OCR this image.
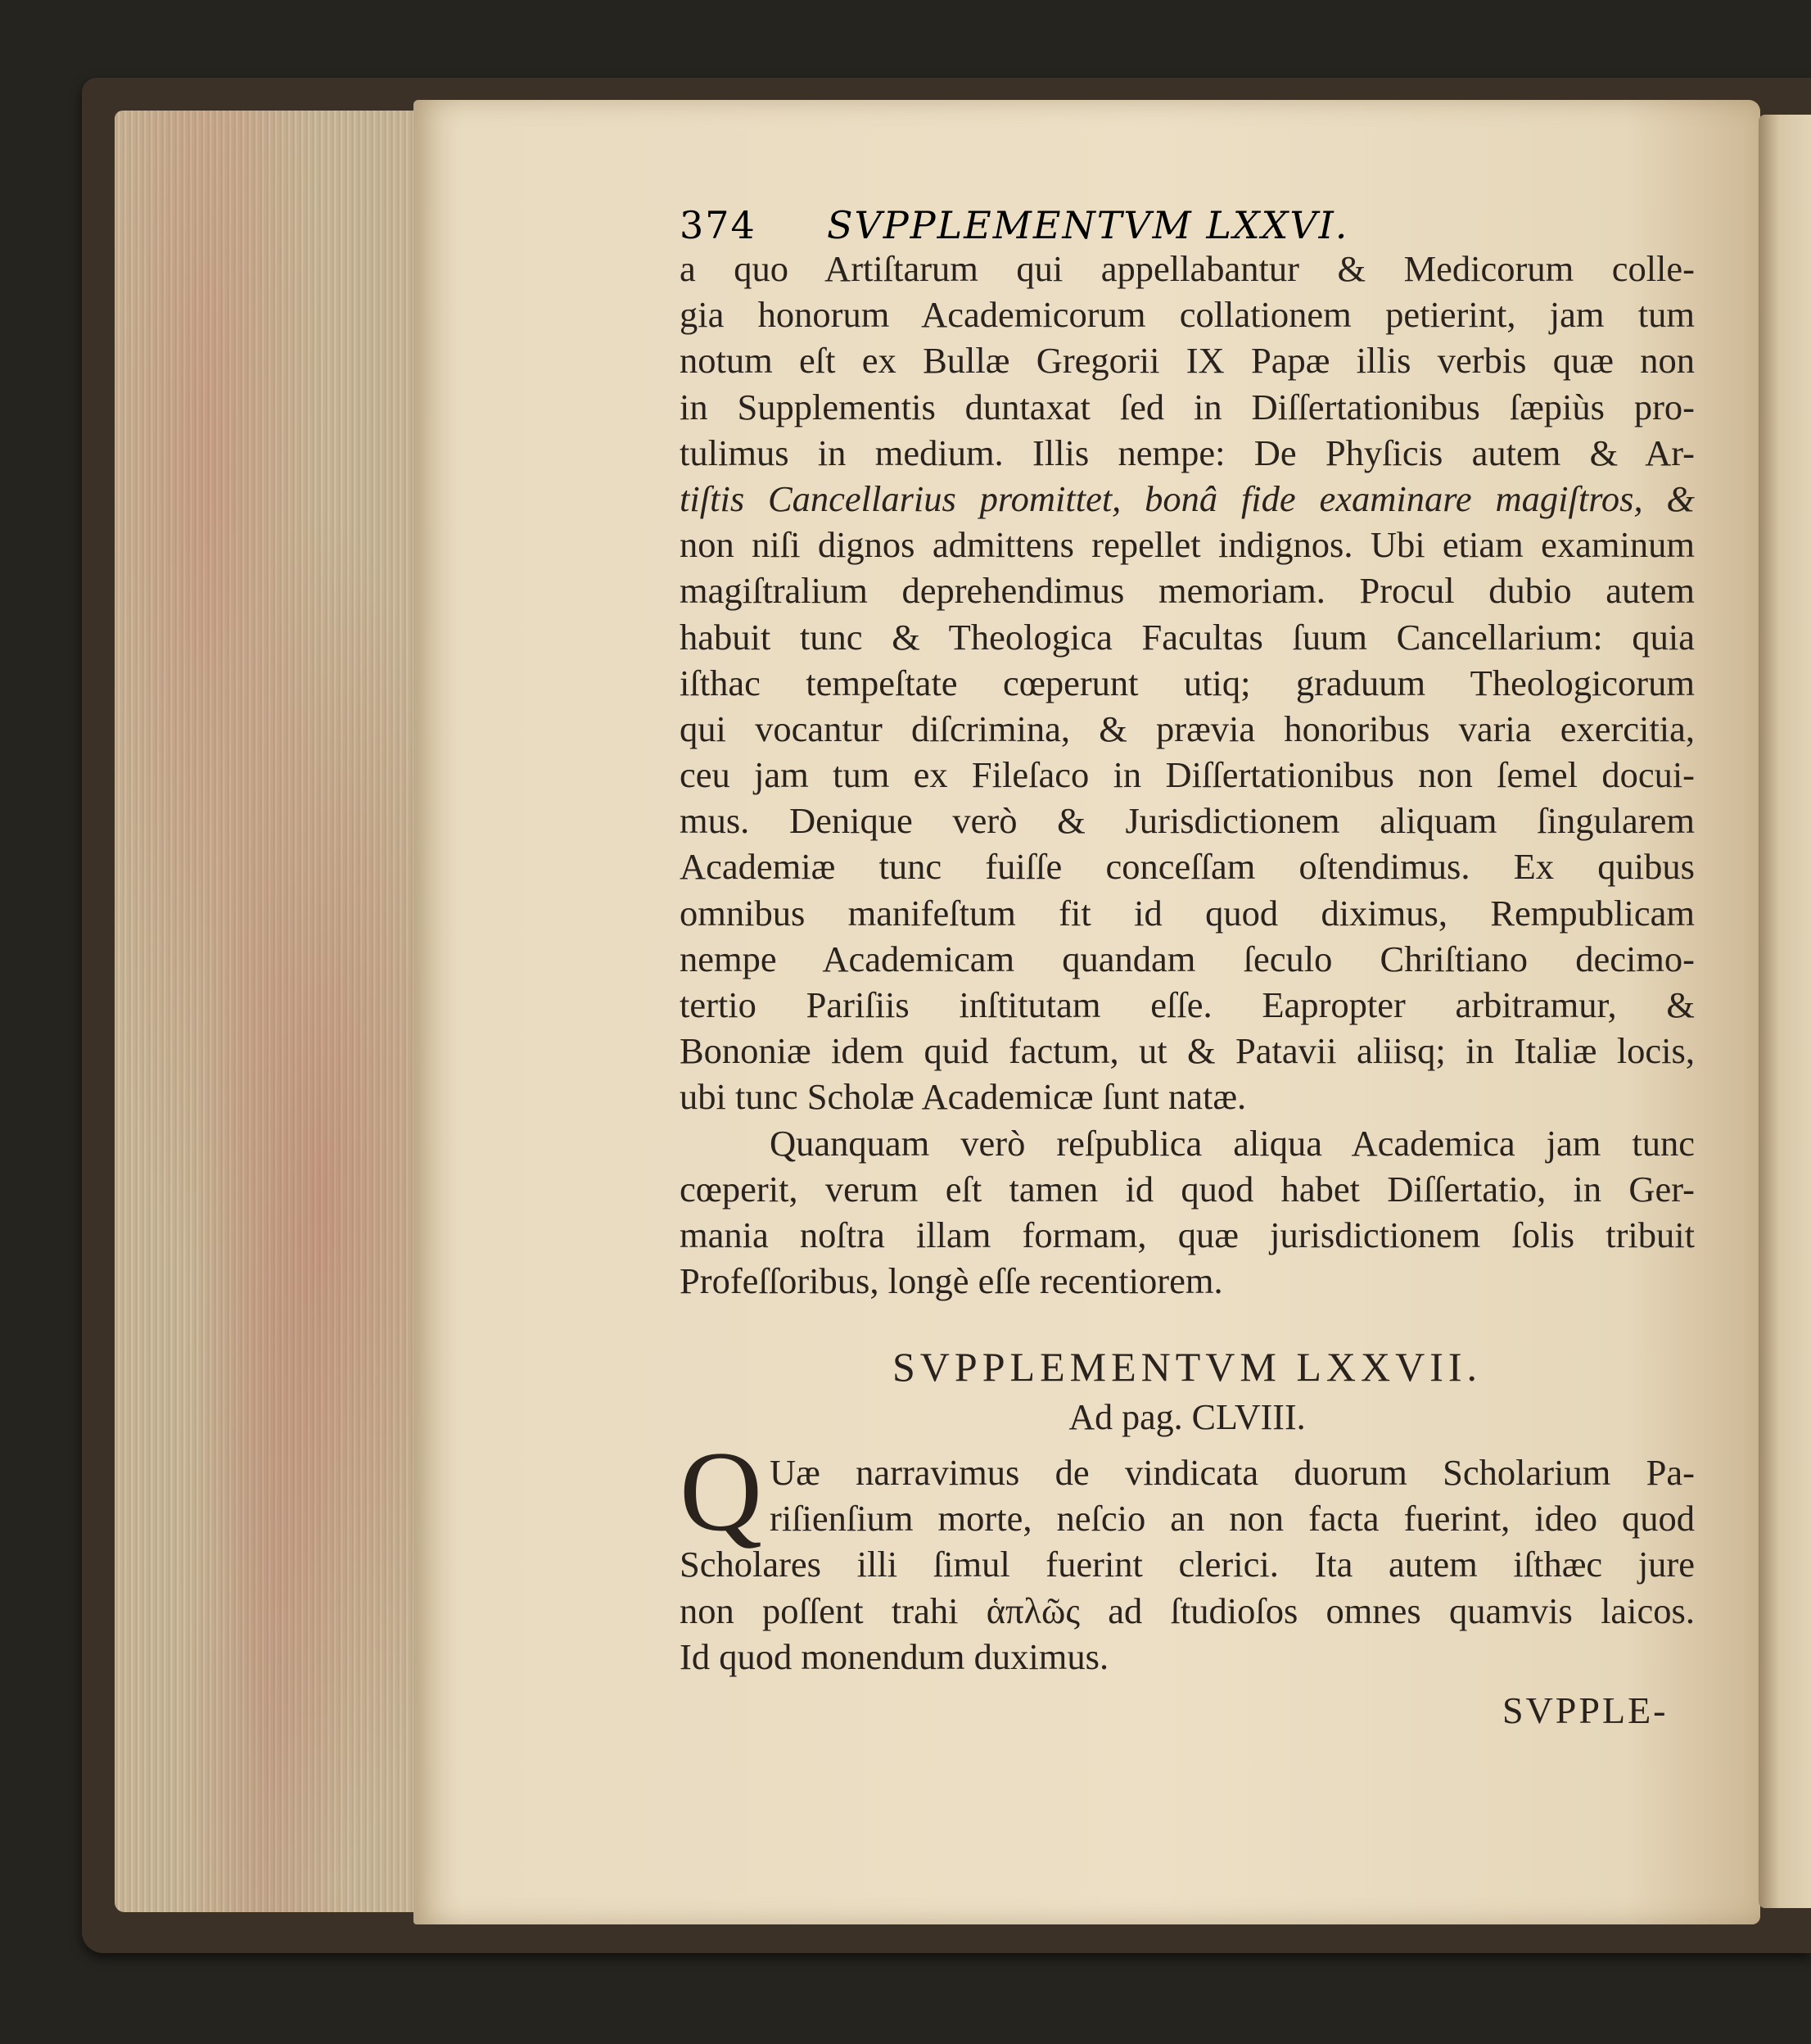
374 SVPPLEMENTVM LXXVI.
a quo Artiſtarum qui appellabantur & Medicorum colle-
gia honorum Academicorum collationem petierint, jam tum
notum eſt ex Bullæ Gregorii IX Papæ illis verbis quæ non
in Supplementis duntaxat ſed in Diſſertationibus ſæpiùs pro-
tulimus in medium. Illis nempe: De Phyſicis autem & Ar-
tiſtis Cancellarius promittet, bonâ fide examinare magiſtros, &
non niſi dignos admittens repellet indignos. Ubi etiam examinum
magiſtralium deprehendimus memoriam. Procul dubio autem
habuit tunc & Theologica Facultas ſuum Cancellarium: quia
iſthac tempeſtate cœperunt utiq; graduum Theologicorum
qui vocantur diſcrimina, & prævia honoribus varia exercitia,
ceu jam tum ex Fileſaco in Diſſertationibus non ſemel docui-
mus. Denique verò & Jurisdictionem aliquam ſingularem
Academiæ tunc fuiſſe conceſſam oſtendimus. Ex quibus
omnibus manifeſtum fit id quod diximus, Rempublicam
nempe Academicam quandam ſeculo Chriſtiano decimo-
tertio Pariſiis inſtitutam eſſe. Eapropter arbitramur, &
Bononiæ idem quid factum, ut & Patavii aliisq; in Italiæ locis,
ubi tunc Scholæ Academicæ ſunt natæ.
Quanquam verò reſpublica aliqua Academica jam tunc
cœperit, verum eſt tamen id quod habet Diſſertatio, in Ger-
mania noſtra illam formam, quæ jurisdictionem ſolis tribuit
Profeſſoribus, longè eſſe recentiorem.
SVPPLEMENTVM LXXVII.
Ad pag. CLVIII.
Q Uæ narravimus de vindicata duorum Scholarium Pa-
riſienſium morte, neſcio an non facta fuerint, ideo quod
Scholares illi ſimul fuerint clerici. Ita autem iſthæc jure
non poſſent trahi ἁπλῶς ad ſtudioſos omnes quamvis laicos.
Id quod monendum duximus.
SVPPLE-
